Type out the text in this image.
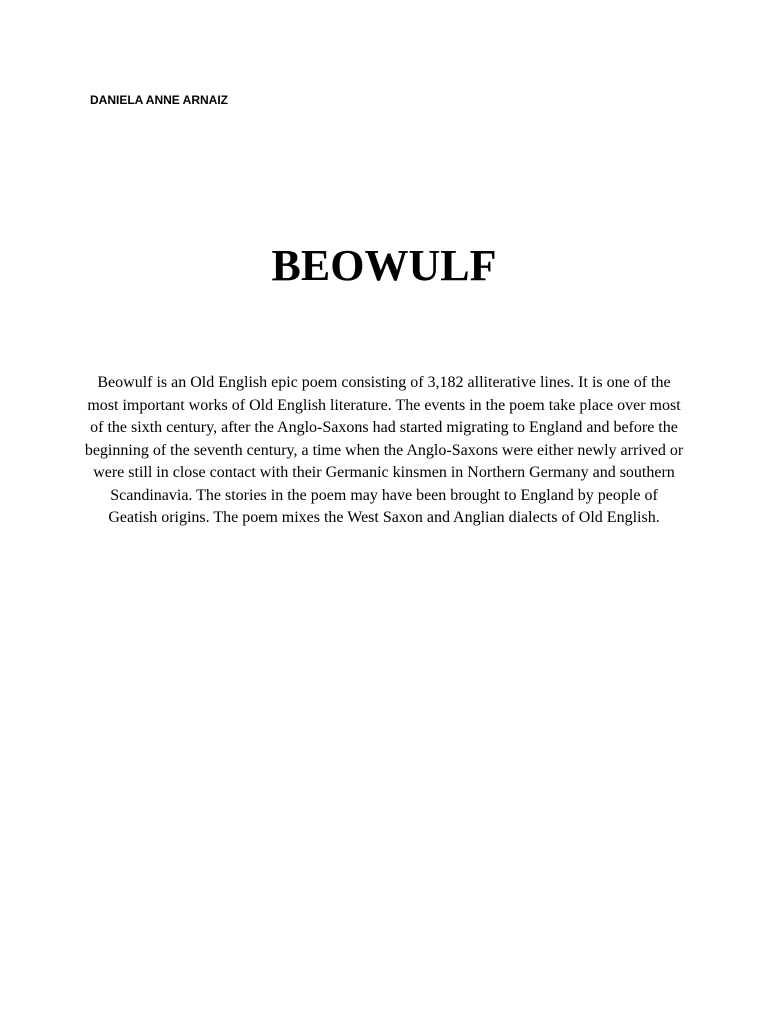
DANIELA ANNE ARNAIZ
BEOWULF

Beowulf is an Old English epic poem consisting of 3,182 alliterative lines. It is one of the most important works of Old English literature. The events in the poem take place over most of the sixth century, after the Anglo-Saxons had started migrating to England and before the beginning of the seventh century, a time when the Anglo-Saxons were either newly arrived or were still in close contact with their Germanic kinsmen in Northern Germany and southern Scandinavia. The stories in the poem may have been brought to England by people of Geatish origins. The poem mixes the West Saxon and Anglian dialects of Old English.
